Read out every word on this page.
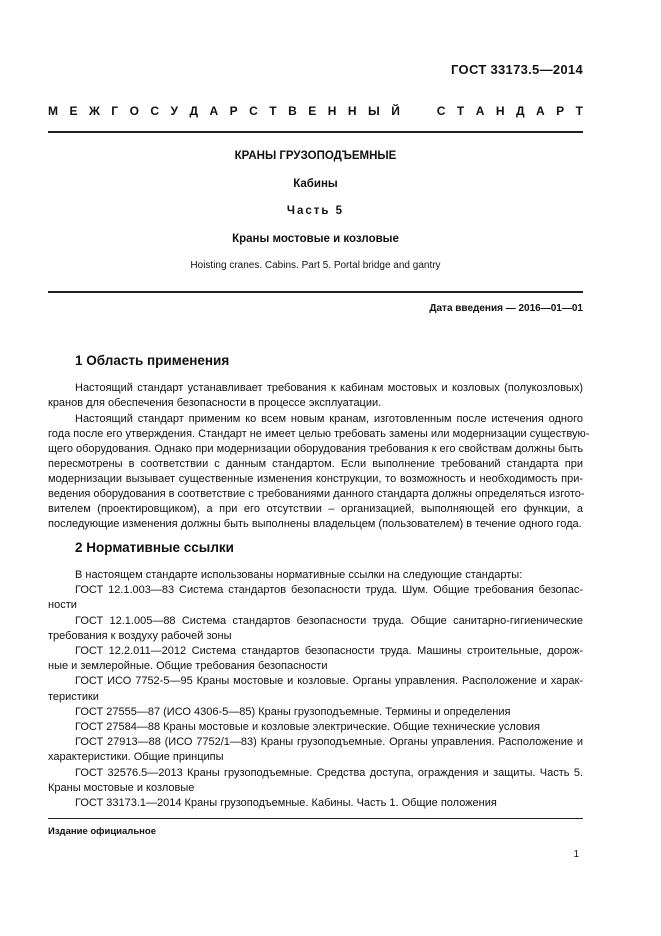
ГОСТ 33173.5—2014
М Е Ж Г О С У Д А Р С Т В Е Н Н Ы Й	С Т А Н Д А Р Т
КРАНЫ ГРУЗОПОДЪЕМНЫЕ
Кабины
Часть 5
Краны мостовые и козловые
Hoisting cranes. Cabins. Part 5. Portal bridge and gantry
Дата введения — 2016—01—01
1 Область применения
Настоящий стандарт устанавливает требования к кабинам мостовых и козловых (полукозловых)
кранов для обеспечения безопасности в процессе эксплуатации.
Настоящий стандарт применим ко всем новым кранам, изготовленным после истечения одного
года после его утверждения. Стандарт не имеет целью требовать замены или модернизации существую-
щего оборудования. Однако при модернизации оборудования требования к его свойствам должны быть
пересмотрены в соответствии с данным стандартом. Если выполнение требований стандарта при
модернизации вызывает существенные изменения конструкции, то возможность и необходимость при-
ведения оборудования в соответствие с требованиями данного стандарта должны определяться изгото-
вителем (проектировщиком), а при его отсутствии – организацией, выполняющей его функции, а
последующие изменения должны быть выполнены владельцем (пользователем) в течение одного года.
2 Нормативные ссылки
В настоящем стандарте использованы нормативные ссылки на следующие стандарты:
ГОСТ 12.1.003—83 Система стандартов безопасности труда. Шум. Общие требования безопас-
ности
ГОСТ 12.1.005—88 Система стандартов безопасности труда. Общие санитарно-гигиенические
требования к воздуху рабочей зоны
ГОСТ 12.2.011—2012 Система стандартов безопасности труда. Машины строительные, дорож-
ные и землеройные. Общие требования безопасности
ГОСТ ИСО 7752-5—95 Краны мостовые и козловые. Органы управления. Расположение и харак-
теристики
ГОСТ 27555—87 (ИСО 4306-5—85) Краны грузоподъемные. Термины и определения
ГОСТ 27584—88 Краны мостовые и козловые электрические. Общие технические условия
ГОСТ 27913—88 (ИСО 7752/1—83) Краны грузоподъемные. Органы управления. Расположение и
характеристики. Общие принципы
ГОСТ 32576.5—2013 Краны грузоподъемные. Средства доступа, ограждения и защиты. Часть 5.
Краны мостовые и козловые
ГОСТ 33173.1—2014 Краны грузоподъемные. Кабины. Часть 1. Общие положения
Издание официальное
1
